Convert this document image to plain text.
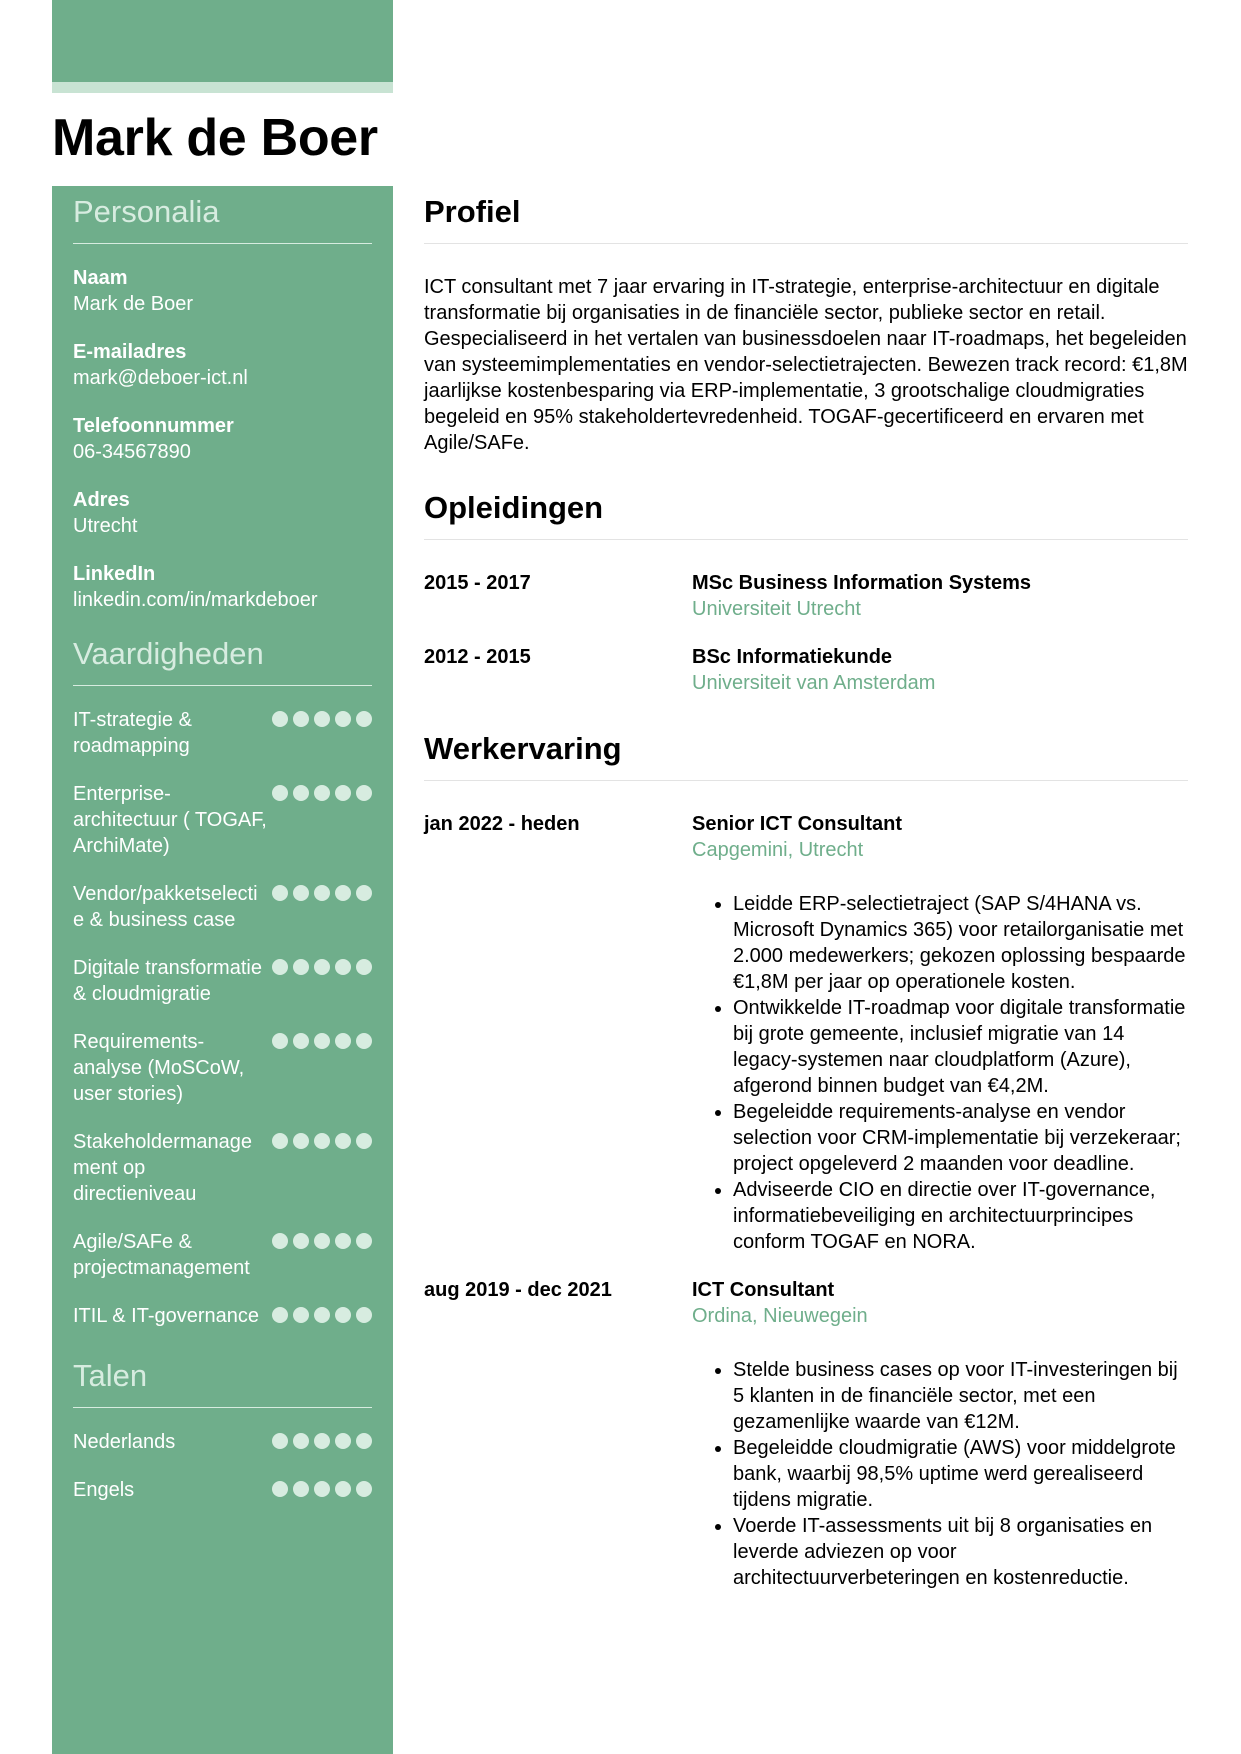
Mark de Boer
Personalia
Naam
Mark de Boer
E-mailadres
mark@deboer-ict.nl
Telefoonnummer
06-34567890
Adres
Utrecht
LinkedIn
linkedin.com/in/markdeboer
Vaardigheden
IT-strategie & roadmapping
Enterprise-architectuur ( TOGAF, ArchiMate)
Vendor/pakketselecti e & business case
Digitale transformatie & cloudmigratie
Requirements-analyse (MoSCoW, user stories)
Stakeholdermanage ment op directieniveau
Agile/SAFe & projectmanagement
ITIL & IT-governance
Talen
Nederlands
Engels
Profiel

ICT consultant met 7 jaar ervaring in IT-strategie, enterprise-architectuur en digitale transformatie bij organisaties in de financiële sector, publieke sector en retail. Gespecialiseerd in het vertalen van businessdoelen naar IT-roadmaps, het begeleiden van systeemimplementaties en vendor-selectietrajecten. Bewezen track record: €1,8M jaarlijkse kostenbesparing via ERP-implementatie, 3 grootschalige cloudmigraties begeleid en 95% stakeholdertevredenheid. TOGAF-gecertificeerd en ervaren met Agile/SAFe.

Opleidingen
2015 - 2017	MSc Business Information Systems
Universiteit Utrecht
2012 - 2015	BSc Informatiekunde
Universiteit van Amsterdam
Werkervaring
jan 2022 - heden	Senior ICT Consultant
Capgemini, Utrecht
• Leidde ERP-selectietraject (SAP S/4HANA vs. Microsoft Dynamics 365) voor retailorganisatie met 2.000 medewerkers; gekozen oplossing bespaarde €1,8M per jaar op operationele kosten.
• Ontwikkelde IT-roadmap voor digitale transformatie bij grote gemeente, inclusief migratie van 14 legacy-systemen naar cloudplatform (Azure), afgerond binnen budget van €4,2M.
• Begeleidde requirements-analyse en vendor selection voor CRM-implementatie bij verzekeraar; project opgeleverd 2 maanden voor deadline.
• Adviseerde CIO en directie over IT-governance, informatiebeveiliging en architectuurprincipes conform TOGAF en NORA.
aug 2019 - dec 2021	ICT Consultant
Ordina, Nieuwegein
• Stelde business cases op voor IT-investeringen bij 5 klanten in de financiële sector, met een gezamenlijke waarde van €12M.
• Begeleidde cloudmigratie (AWS) voor middelgrote bank, waarbij 98,5% uptime werd gerealiseerd tijdens migratie.
• Voerde IT-assessments uit bij 8 organisaties en leverde adviezen op voor architectuurverbeteringen en kostenreductie.
